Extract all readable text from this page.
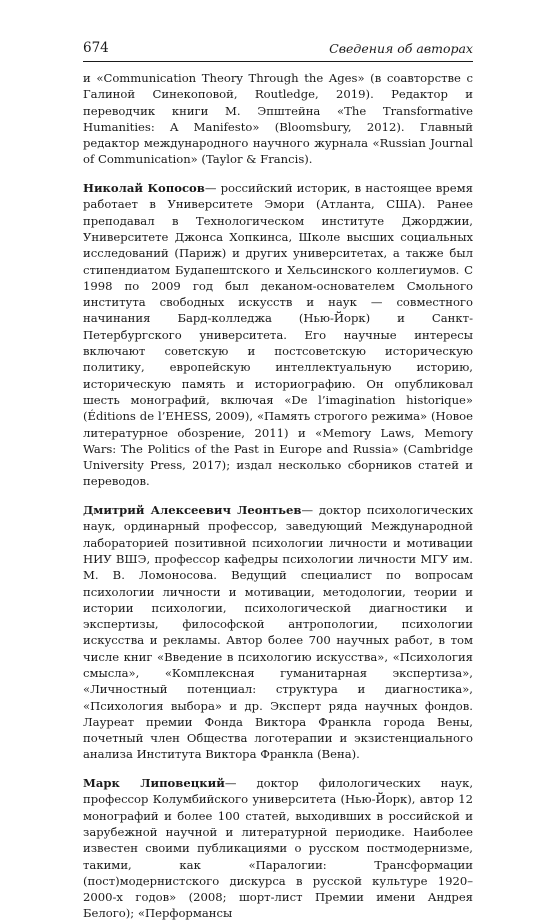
674	Сведения об авторах

и «Communication Theory Through the Ages» (в соавторстве с Галиной Синекоповой, Routledge, 2019). Редактор и переводчик книги М. Эпштейна «The Transformative Humanities: A Manifesto» (Bloomsbury, 2012). Главный редактор международного научного журнала «Russian Journal of Communication» (Taylor & Francis).

Николай Копосов— российский историк, в настоящее время работает в Университете Эмори (Атланта, США). Ранее преподавал в Технологическом институте Джорджии, Университете Джонса Хопкинса, Школе высших социальных исследований (Париж) и других университетах, а также был стипендиатом Будапештского и Хельсинского коллегиумов. С 1998 по 2009 год был деканом-основателем Смольного института свободных искусств и наук — совместного начинания Бард-колледжа (Нью-Йорк) и Санкт-Петербургского университета. Его научные интересы включают советскую и постсоветскую историческую политику, европейскую интеллектуальную историю, историческую память и историографию. Он опубликовал шесть монографий, включая «De l’imagination historique» (Éditions de l’EHESS, 2009), «Память строгого режима» (Новое литературное обозрение, 2011) и «Memory Laws, Memory Wars: The Politics of the Past in Europe and Russia» (Cambridge University Press, 2017); издал несколько сборников статей и переводов.

Дмитрий Алексеевич Леонтьев— доктор психологических наук, ординарный профессор, заведующий Международной лабораторией позитивной психологии личности и мотивации НИУ ВШЭ, профессор кафедры психологии личности МГУ им. М. В. Ломоносова. Ведущий специалист по вопросам психологии личности и мотивации, методологии, теории и истории психологии, психологической диагностики и экспертизы, философской антропологии, психологии искусства и рекламы. Автор более 700 научных работ, в том числе книг «Введение в психологию искусства», «Психология смысла», «Комплексная гуманитарная экспертиза», «Личностный потенциал: структура и диагностика», «Психология выбора» и др. Эксперт ряда научных фондов. Лауреат премии Фонда Виктора Франкла города Вены, почетный член Общества логотерапии и экзистенциального анализа Института Виктора Франкла (Вена).

Марк Липовецкий— доктор филологических наук, профессор Колумбийского университета (Нью-Йорк), автор 12 монографий и более 100 статей, выходивших в российской и зарубежной научной и литературной периодике. Наиболее известен своими публикациями о русском постмодернизме, такими, как «Паралогии: Трансформации (пост)модернистского дискурса в русской культуре 1920–2000-х годов» (2008; шорт-лист Премии имени Андрея Белого); «Перформансы
